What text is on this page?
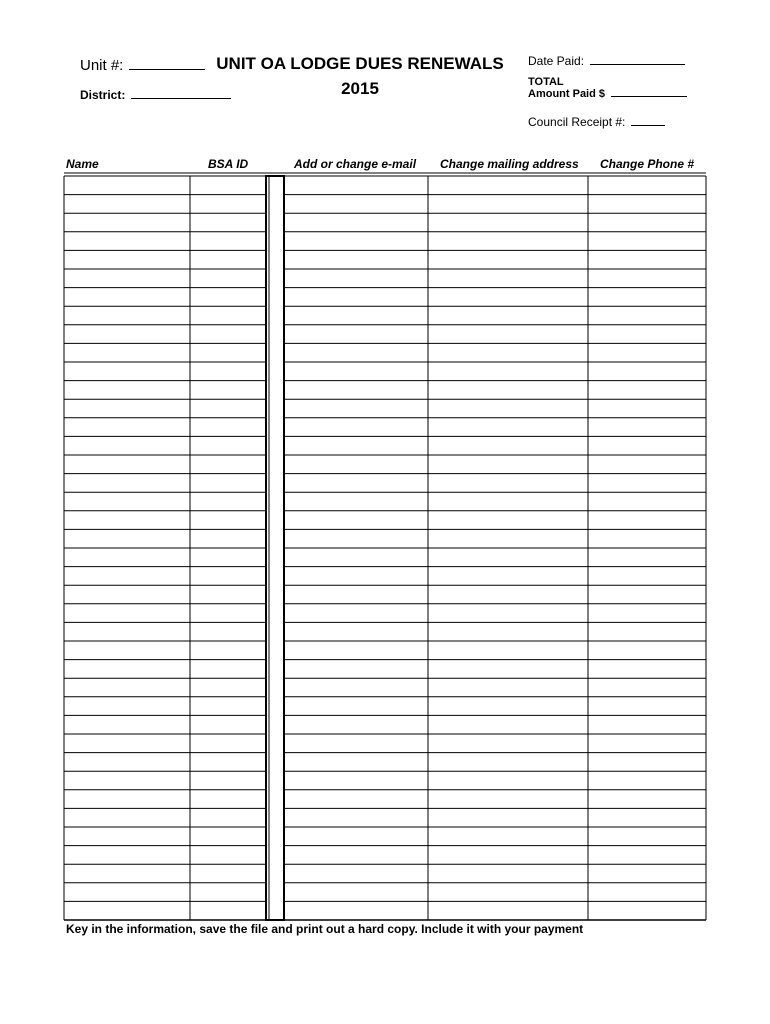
Unit #:
District:
UNIT OA LODGE DUES RENEWALS
2015
Date Paid:
TOTAL
Amount Paid $
Council Receipt #:
Name	BSA ID	Add or change e-mail Change mailing address Change Phone #
Key in the information, save the file and print out a hard copy. Include it with your payment
